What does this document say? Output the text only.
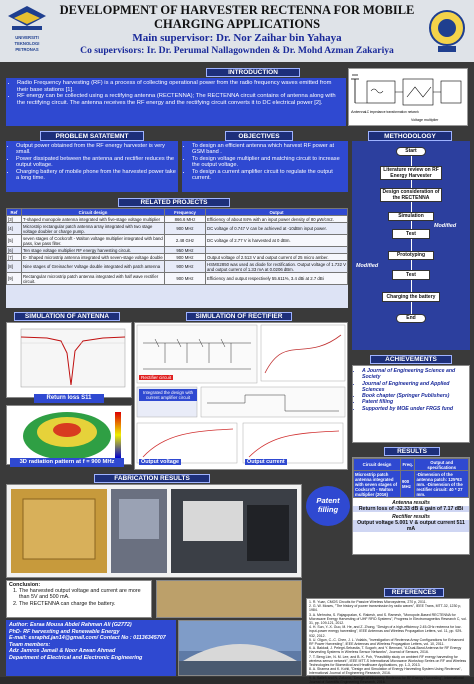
UNIVERSITI
TEKNOLOGI
PETRONAS
DEVELOPMENT OF HARVESTER RECTENNA FOR MOBILE
CHARGING APPLICATIONS
Main supervisor: Dr. Nor Zaihar bin Yahaya
Co supervisors: Ir. Dr. Perumal Nallagownden & Dr. Mohd Azman Zakariya
INTRODUCTION
• Radio Frequency harvesting (RF) is a process of collecting operational power from the radio frequency waves emitted from their base stations [1].
• RF energy can be collected using a rectifying antenna (RECTENNA); The RECTENNA circuit contains of antenna along with the rectifying circuit. The antenna receives the RF energy and the rectifying circuit converts it to DC electrical power [2].
Antenna LC impedance transformation network
Voltage multiplier
PROBLEM SATATEMNT
• Output power obtained from the RF energy harvester is very small.
• Power dissipated between the antenna and rectifier reduces the output voltage.
• Charging battery of mobile phone from the harvested power take a long time.
OBJECTIVES
• To design an efficient antenna which harvest RF power at GSM band .
• To design voltage multiplier and matching circuit to increase the output voltage.
• To design a current amplifier circuit to regulate the output current.
METHODOLOGY
Start
Literature review on RF Energy Harvester
Design consideration of the RECTENNA
Simulation
Test
Modified
Prototyping
Test
Modified
Charging the battery
End
RELATED PROJECTS
Ref	Circuit design	Frequency	Output
[3]	T-shaped monopole antenna integrated with five-stage voltage multiplier	866.6 MHz	Efficiency of about 84% with an input power density of 80 µW/cm2.
[4]	Microstrip rectangular patch antenna array integrated with two stage voltage doubler or charge pump.	900 MHz	DC voltage of 0.747 V can be achieved at -10dBm input power.
[5]	seven stages of Cockcroft - Walton voltage multiplier integrated with band pass, low pass filter.	2.48 GHz	DC voltage of 2.77 V is harvested at 0 dBm.
[6]	Ten stage voltage multiplier RF energy harvesting circuit.	950 MHz	
[7]	E- Shaped microstrip antenna integrated with seven-stage voltage double	900 MHz	Output voltage of 2.513 V and output current of 25 micro amber.
[8]	Nine stages of Greinacher Voltage double integrated with patch antenna	900 MHz	HSMS2850 was used as diode for rectification. Output voltage of 1.732 V and output current of 1.33 mA at 0.0206 dBm.
[9]	Rectangular microstrip patch antenna integrated with half wave rectifier circuit.	900 MHz	Efficiency and output respectively 55.611%, 3.4 dBi at 2.7 dBi
SIMULATION OF ANTENNA
Return loss S11
3D radiation pattern at f = 900 MHz
SIMULATION OF RECTIFIER
Rectifier circuit
Integrated the design with current amplifier circuit
Output voltage	Output current
ACHIEVEMENTS
• A Journal of Engineering Science and Society
• Journal of Engineering and Applied Sciences
• Book chapter (Springer Publishers)
• Patent filling
• Supported by MOE under FRGS fund
RESULTS
Circuit design	Freq.	Output and specifications
Microstrip patch antenna integrated with seven stages of Cockcroft - Walton multiplier (2016)	900 MHz	-Dimension of the antenna patch: 125*63 mm. -Dimension of the rectifier circuit: 40 * 27 mm.
Antenna results
Return loss of -32.33 dB & gain of 7.17 dBi
Rectifier results
Output voltage 5.001 V & output current 511 mA
FABRICATION RESULTS
Patent
filling
Conclusion:
1. The harvested output voltage and current are more than 5V and 500 mA.
2. The RECTENNA can charge the battery.
Author: Esraa Mousa Abdel Rahman Ali (G2772)
PhD- RF harvesting and Renewable Energy
E-mail: esraphd.jan14@gmail.com/ Contact No : 01136345707
Team members:
Adz Jamros Jamali & Noor Azwan Ahmad
Department of Electrical and Electronic Engineering
REFERENCES
1. R. Yuan, CMOS Circuits for Passive Wireless Microsystems, 270 p, 2011.
2. G. W. Moses, "The history of power transmission by radio waves", IEEE Trans, MTT-32, 1230 p, 1984.
3. A. Mehrotra, S. Rajagopalan, K. Rakesh, and S. Ramesh, "Monopole-Based RECTENNA for Microwave Energy Harvesting of UHF RFID Systems", Progress In Electromagnetics Research C, vol. 31, pp. 109-121, 2012.
4. H. Sun, Y.-X. Guo, M. He, and Z. Zhong, "Design of a high-efficiency 2.45-GHz rectenna for low-input-power energy harvesting", IEEE Antennas and Wireless Propagation Letters, vol. 11, pp. 929-932, 2012.
5. U. Olgun, C.-C. Chen, J. L. Volakis, "Investigation of Rectenna Array Configurations for Enhanced RF Power Harvesting", IEEE Antennas and Wireless Propagation Letters, vol. 10, 2011.
6. A. Bakkali, J. Pelegri-Sebastia, T. Sogorb, and Y. Bennani, "A Dual-Band Antenna for RF Energy Harvesting Systems in Wireless Sensor Networks", Journal of Sensors, 2016.
7. T. Beng Lim, N. M. Lee, and B. K. Poh, "Feasibility study on ambient RF energy harvesting for wireless sensor network", IEEE MTT-S International Microwave Workshop Series on RF and Wireless Technologies for Biomedical and Healthcare Applications, pp. 1-3, 2013.
8. A. Sharma and K. Kohli, "Design and Simulation of Energy Harvesting System Using Rectenna", International Journal of Engineering Research, 2016.
9. A. Salleh and N. Zakaria, "Design of Microstrip Rectenna for RF Energy Harvesting", International Journal of Scientific Engineering Research, 2016.
